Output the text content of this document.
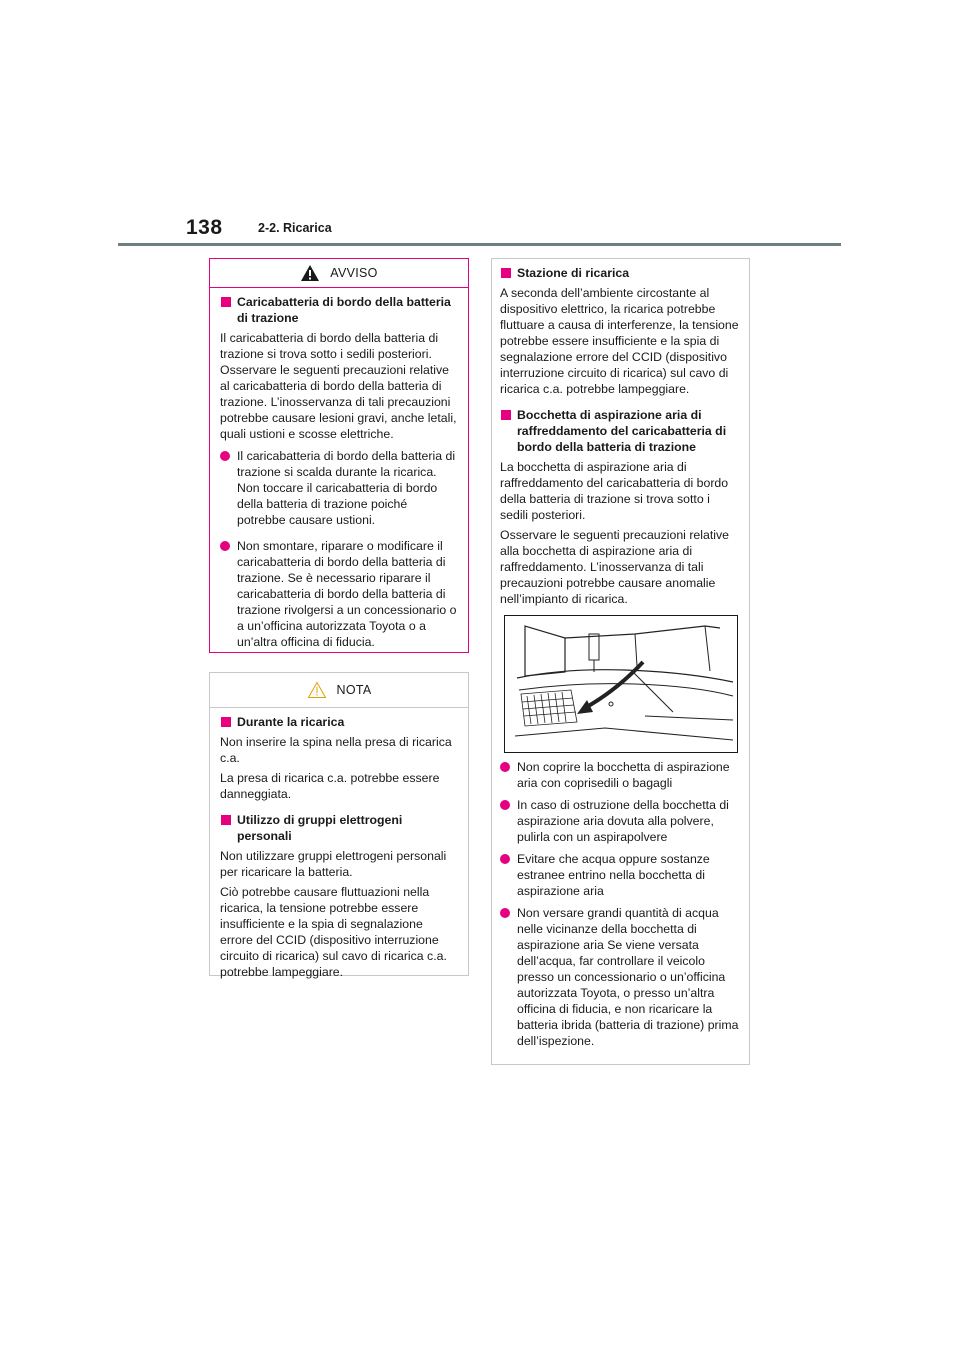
138	2-2. Ricarica
AVVISO
Caricabatteria di bordo della batteria di trazione

Il caricabatteria di bordo della batteria di trazione si trova sotto i sedili posteriori. Osservare le seguenti precauzioni relative al caricabatteria di bordo della batteria di trazione. L’inosservanza di tali precauzioni potrebbe causare lesioni gravi, anche letali, quali ustioni e scosse elettriche.

Il caricabatteria di bordo della batteria di trazione si scalda durante la ricarica. Non toccare il caricabatteria di bordo della batteria di trazione poiché potrebbe causare ustioni.
Non smontare, riparare o modificare il caricabatteria di bordo della batteria di trazione. Se è necessario riparare il caricabatteria di bordo della batteria di trazione rivolgersi a un concessionario o a un’officina autorizzata Toyota o a un’altra officina di fiducia.
NOTA
Durante la ricarica

Non inserire la spina nella presa di ricarica c.a.

La presa di ricarica c.a. potrebbe essere danneggiata.

Utilizzo di gruppi elettrogeni personali

Non utilizzare gruppi elettrogeni personali per ricaricare la batteria.

Ciò potrebbe causare fluttuazioni nella ricarica, la tensione potrebbe essere insufficiente e la spia di segnalazione errore del CCID (dispositivo interruzione circuito di ricarica) sul cavo di ricarica c.a. potrebbe lampeggiare.

Stazione di ricarica

A seconda dell’ambiente circostante al dispositivo elettrico, la ricarica potrebbe fluttuare a causa di interferenze, la tensione potrebbe essere insufficiente e la spia di segnalazione errore del CCID (dispositivo interruzione circuito di ricarica) sul cavo di ricarica c.a. potrebbe lampeggiare.

Bocchetta di aspirazione aria di raffreddamento del caricabatteria di bordo della batteria di trazione

La bocchetta di aspirazione aria di raffreddamento del caricabatteria di bordo della batteria di trazione si trova sotto i sedili posteriori.

Osservare le seguenti precauzioni relative alla bocchetta di aspirazione aria di raffreddamento. L’inosservanza di tali precauzioni potrebbe causare anomalie nell’impianto di ricarica.

Non coprire la bocchetta di aspirazione aria con coprisedili o bagagli
In caso di ostruzione della bocchetta di aspirazione aria dovuta alla polvere, pulirla con un aspirapolvere
Evitare che acqua oppure sostanze estranee entrino nella bocchetta di aspirazione aria
Non versare grandi quantità di acqua nelle vicinanze della bocchetta di aspirazione aria Se viene versata dell’acqua, far controllare il veicolo presso un concessionario o un’officina autorizzata Toyota, o presso un’altra officina di fiducia, e non ricaricare la batteria ibrida (batteria di trazione) prima dell’ispezione.
